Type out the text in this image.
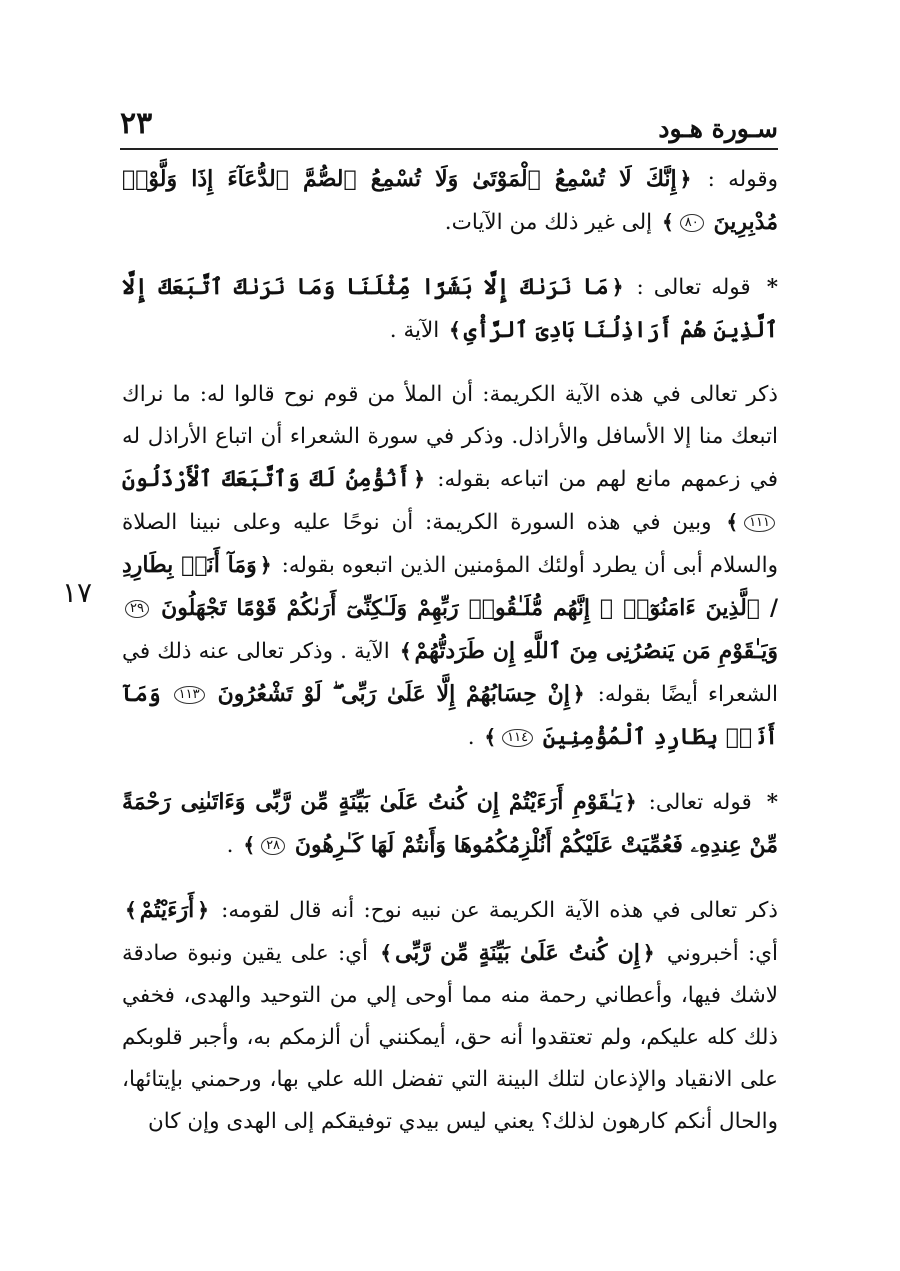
سـورة هـود
٢٣
١٧

وقوله : ﴿إِنَّكَ لَا تُسْمِعُ ٱلْمَوْتَىٰ وَلَا تُسْمِعُ ٱلصُّمَّ ٱلدُّعَآءَ إِذَا وَلَّوْا۟ مُدْبِرِينَ ٨٠﴾ إلى غير ذلك من الآيات.

* قوله تعالى : ﴿مَا نَرَىٰكَ إِلَّا بَشَرًا مِّثْلَنَا وَمَا نَرَىٰكَ ٱتَّبَعَكَ إِلَّا ٱلَّذِينَ هُمْ أَرَاذِلُنَا بَادِىَ ٱلرَّأْىِ﴾ الآية .

ذكر تعالى في هذه الآية الكريمة: أن الملأ من قوم نوح قالوا له: ما نراك اتبعك منا إلا الأسافل والأراذل. وذكر في سورة الشعراء أن اتباع الأراذل له في زعمهم مانع لهم من اتباعه بقوله: ﴿أَنُؤْمِنُ لَكَ وَٱتَّبَعَكَ ٱلْأَرْذَلُونَ ١١١﴾ وبين في هذه السورة الكريمة: أن نوحًا عليه وعلى نبينا الصلاة والسلام أبى أن يطرد أولئك المؤمنين الذين اتبعوه بقوله: ﴿وَمَآ أَنَا۠ بِطَارِدِ / ٱلَّذِينَ ءَامَنُوٓا۟ ۚ إِنَّهُم مُّلَـٰقُوا۟ رَبِّهِمْ وَلَـٰكِنِّىٓ أَرَىٰكُمْ قَوْمًا تَجْهَلُونَ ٢٩ وَيَـٰقَوْمِ مَن يَنصُرُنِى مِنَ ٱللَّهِ إِن طَرَدتُّهُمْ﴾ الآية . وذكر تعالى عنه ذلك في الشعراء أيضًا بقوله: ﴿إِنْ حِسَابُهُمْ إِلَّا عَلَىٰ رَبِّى ۖ لَوْ تَشْعُرُونَ ١١٣ وَمَآ أَنَا۠ بِطَارِدِ ٱلْمُؤْمِنِينَ ١١٤﴾ .

* قوله تعالى: ﴿يَـٰقَوْمِ أَرَءَيْتُمْ إِن كُنتُ عَلَىٰ بَيِّنَةٍ مِّن رَّبِّى وَءَاتَىٰنِى رَحْمَةً مِّنْ عِندِهِۦ فَعُمِّيَتْ عَلَيْكُمْ أَنُلْزِمُكُمُوهَا وَأَنتُمْ لَهَا كَـٰرِهُونَ ٢٨﴾ .

ذكر تعالى في هذه الآية الكريمة عن نبيه نوح: أنه قال لقومه: ﴿أَرَءَيْتُمْ﴾ أي: أخبروني ﴿إِن كُنتُ عَلَىٰ بَيِّنَةٍ مِّن رَّبِّى﴾ أي: على يقين ونبوة صادقة لاشك فيها، وأعطاني رحمة منه مما أوحى إلي من التوحيد والهدى، فخفي ذلك كله عليكم، ولم تعتقدوا أنه حق، أيمكنني أن ألزمكم به، وأجبر قلوبكم على الانقياد والإذعان لتلك البينة التي تفضل الله علي بها، ورحمني بإيتائها، والحال أنكم كارهون لذلك؟ يعني ليس بيدي توفيقكم إلى الهدى وإن كان
